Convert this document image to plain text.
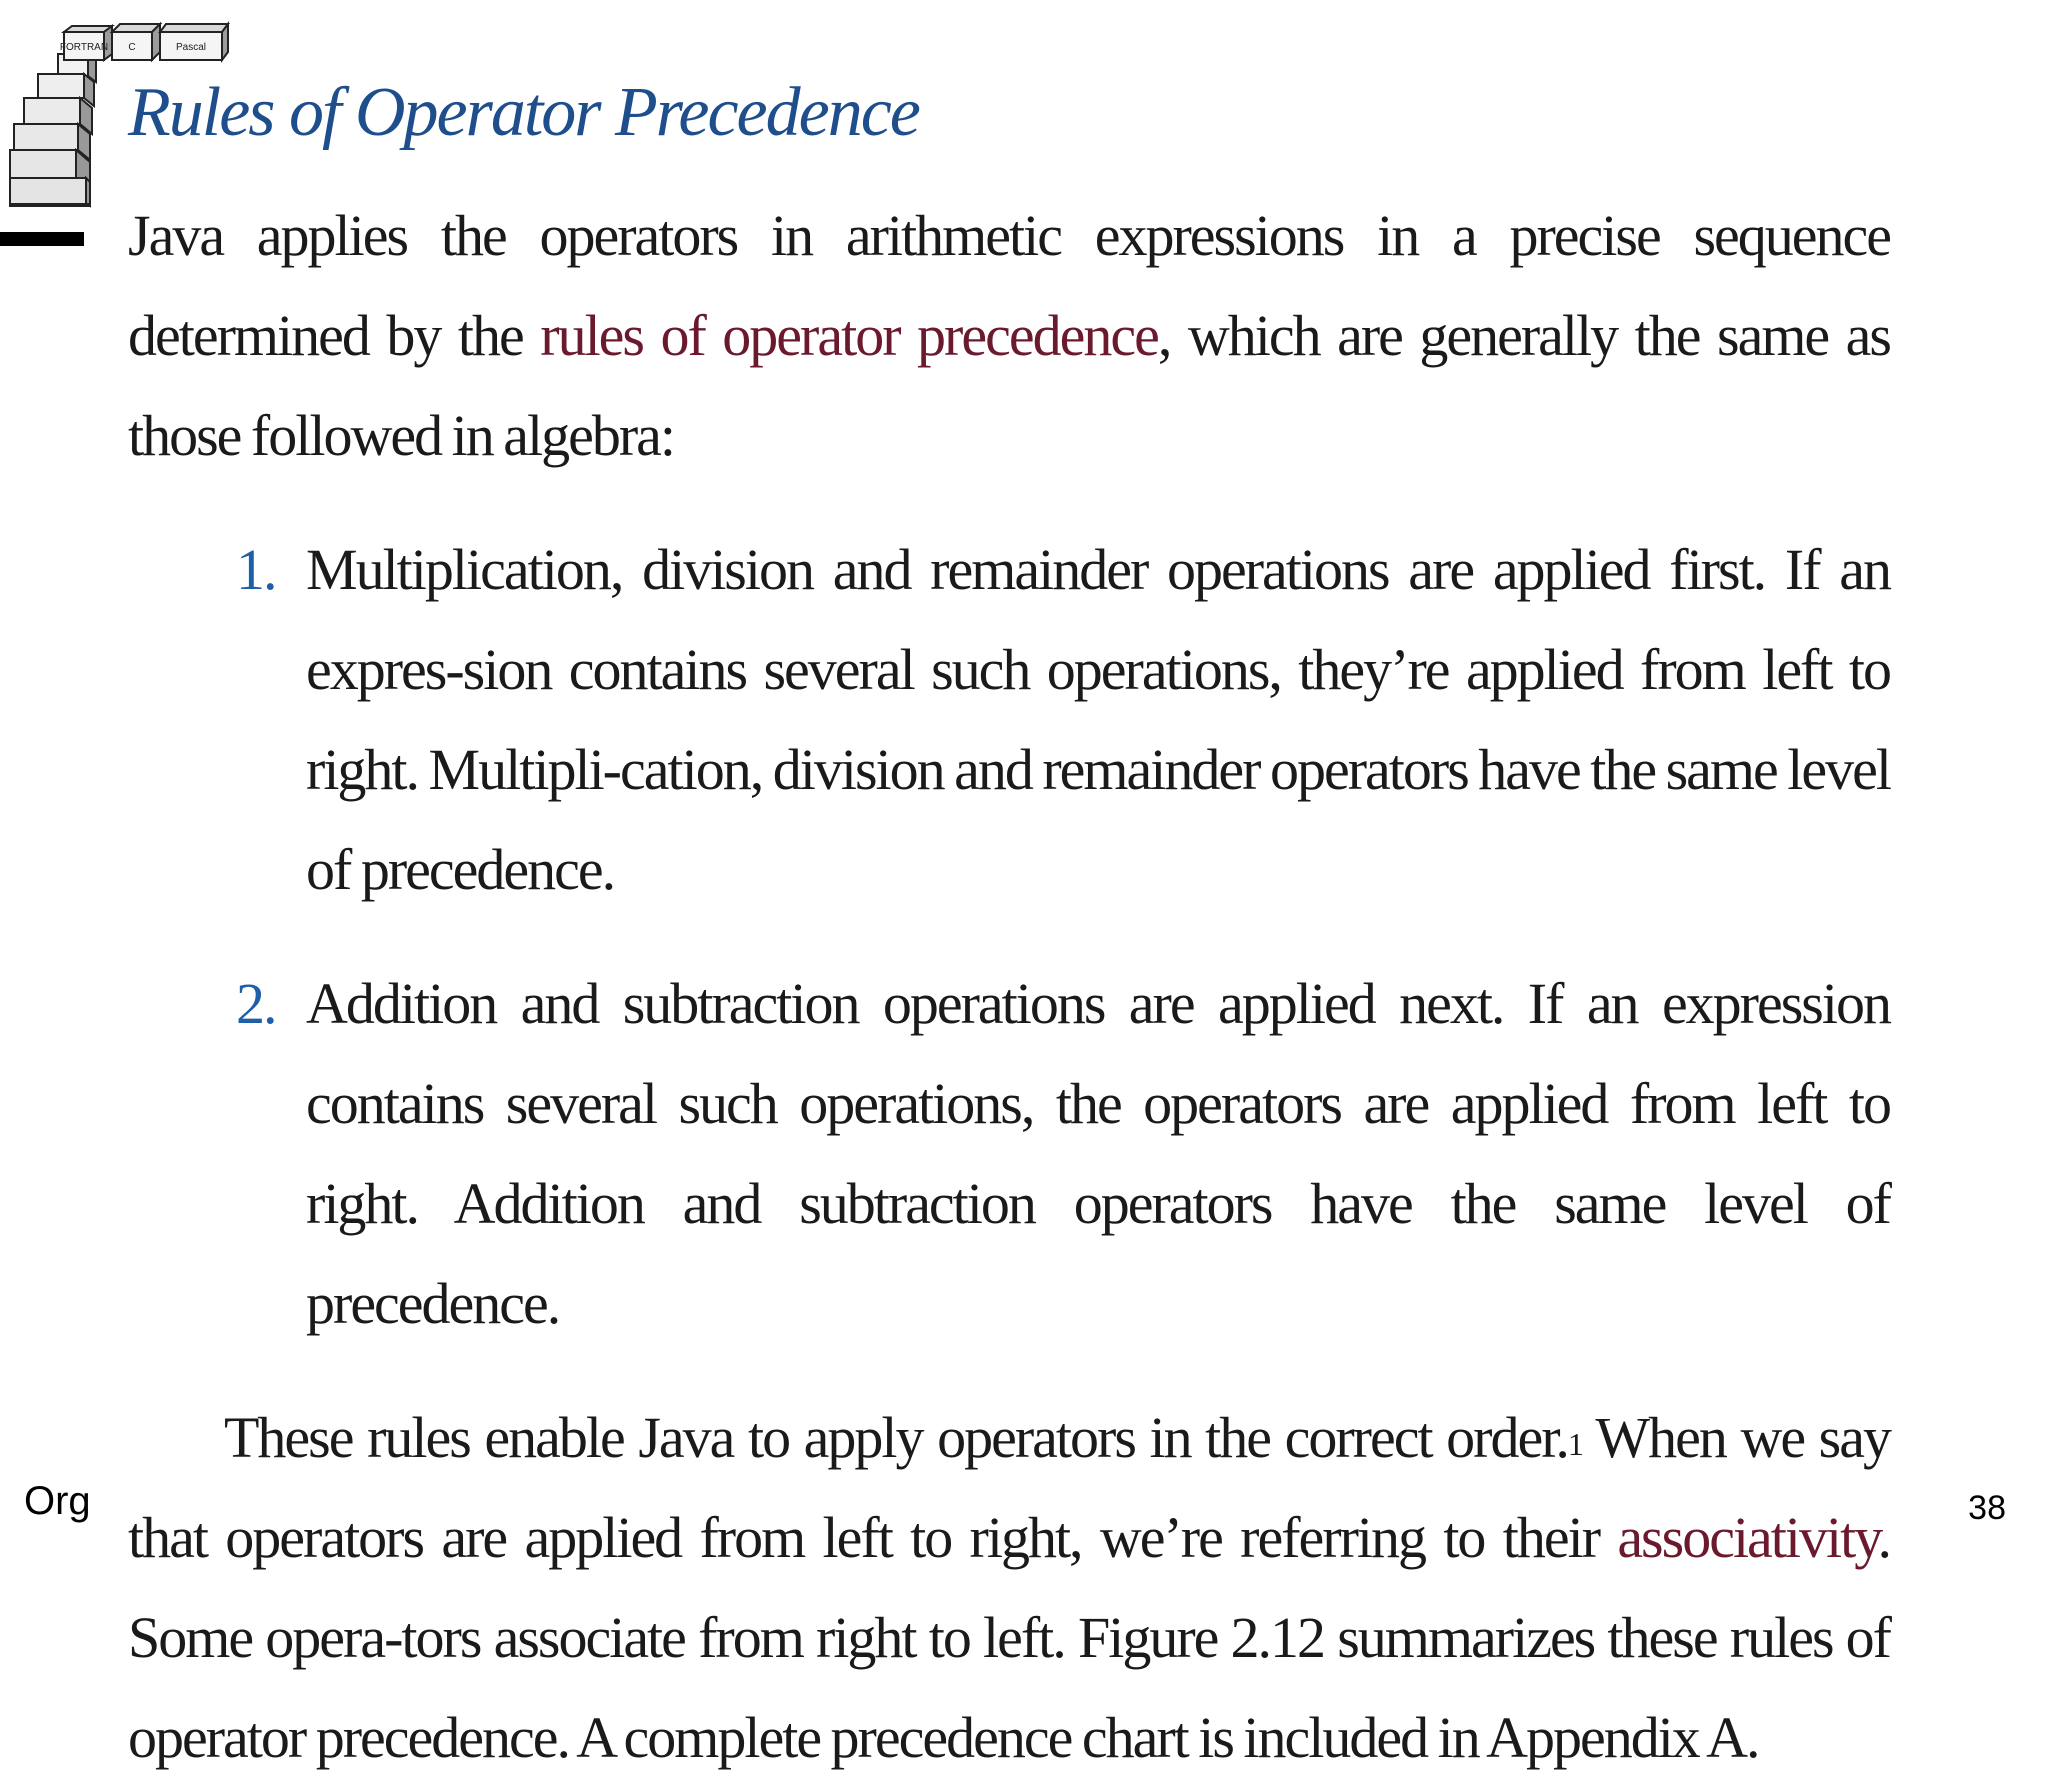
FORTRAN C	Pascal
Rules of Operator Precedence

Java applies the operators in arithmetic expressions in a precise sequence determined by the rules of operator precedence, which are generally the same as those followed in algebra:

1. Multiplication, division and remainder operations are applied first. If an expres-sion contains several such operations, they’re applied from left to right. Multipli-cation, division and remainder operators have the same level of precedence.
2. Addition and subtraction operations are applied next. If an expression contains several such operations, the operators are applied from left to right. Addition and subtraction operators have the same level of precedence.

These rules enable Java to apply operators in the correct order.$^1$ When we say that operators are applied from left to right, we’re referring to their associativity. Some opera-tors associate from right to left. Figure 2.12 summarizes these rules of operator precedence. A complete precedence chart is included in Appendix A.

Org	38
